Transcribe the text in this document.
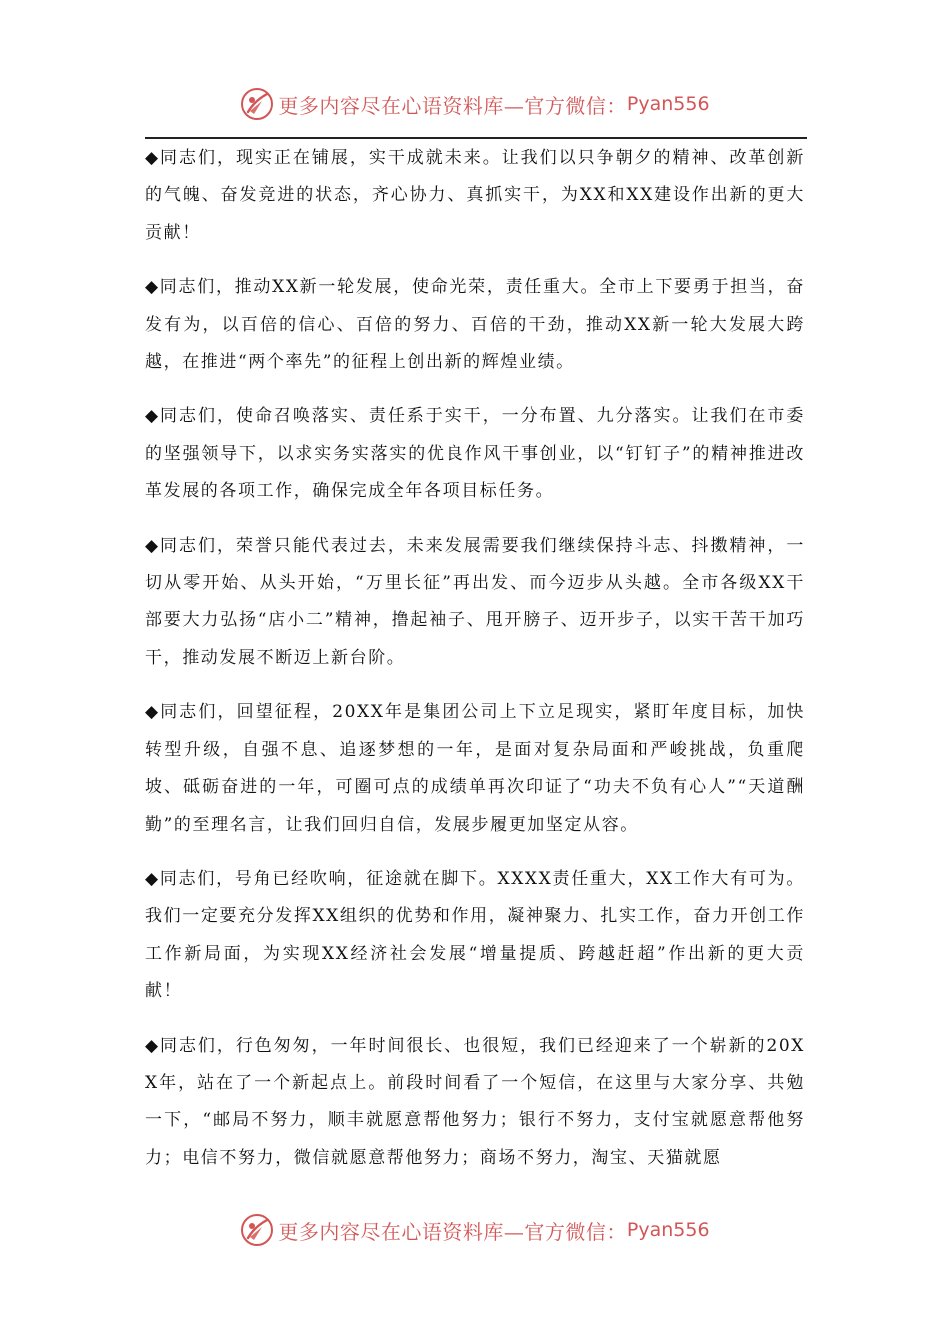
更多内容尽在心语资料库—官方微信： Pyan556

◆同志们，现实正在铺展，实干成就未来。让我们以只争朝夕的精神、改革创新的气魄、奋发竞进的状态，齐心协力、真抓实干，为XX和XX建设作出新的更大贡献！

◆同志们，推动XX新一轮发展，使命光荣，责任重大。全市上下要勇于担当，奋发有为，以百倍的信心、百倍的努力、百倍的干劲，推动XX新一轮大发展大跨越，在推进“两个率先”的征程上创出新的辉煌业绩。

◆同志们，使命召唤落实、责任系于实干，一分布置、九分落实。让我们在市委的坚强领导下，以求实务实落实的优良作风干事创业，以“钉钉子”的精神推进改革发展的各项工作，确保完成全年各项目标任务。

◆同志们，荣誉只能代表过去，未来发展需要我们继续保持斗志、抖擞精神，一切从零开始、从头开始，“万里长征”再出发、而今迈步从头越。全市各级XX干部要大力弘扬“店小二”精神，撸起袖子、甩开膀子、迈开步子，以实干苦干加巧干，推动发展不断迈上新台阶。

◆同志们，回望征程，20XX年是集团公司上下立足现实，紧盯年度目标，加快转型升级，自强不息、追逐梦想的一年，是面对复杂局面和严峻挑战，负重爬坡、砥砺奋进的一年，可圈可点的成绩单再次印证了“功夫不负有心人”“天道酬勤”的至理名言，让我们回归自信，发展步履更加坚定从容。

◆同志们，号角已经吹响，征途就在脚下。XXXX责任重大，XX工作大有可为。我们一定要充分发挥XX组织的优势和作用，凝神聚力、扎实工作，奋力开创工作工作新局面，为实现XX经济社会发展“增量提质、跨越赶超”作出新的更大贡献！

◆同志们，行色匆匆，一年时间很长、也很短，我们已经迎来了一个崭新的20XX年，站在了一个新起点上。前段时间看了一个短信，在这里与大家分享、共勉一下，“邮局不努力，顺丰就愿意帮他努力；银行不努力，支付宝就愿意帮他努力；电信不努力，微信就愿意帮他努力；商场不努力，淘宝、天猫就愿

更多内容尽在心语资料库—官方微信： Pyan556
